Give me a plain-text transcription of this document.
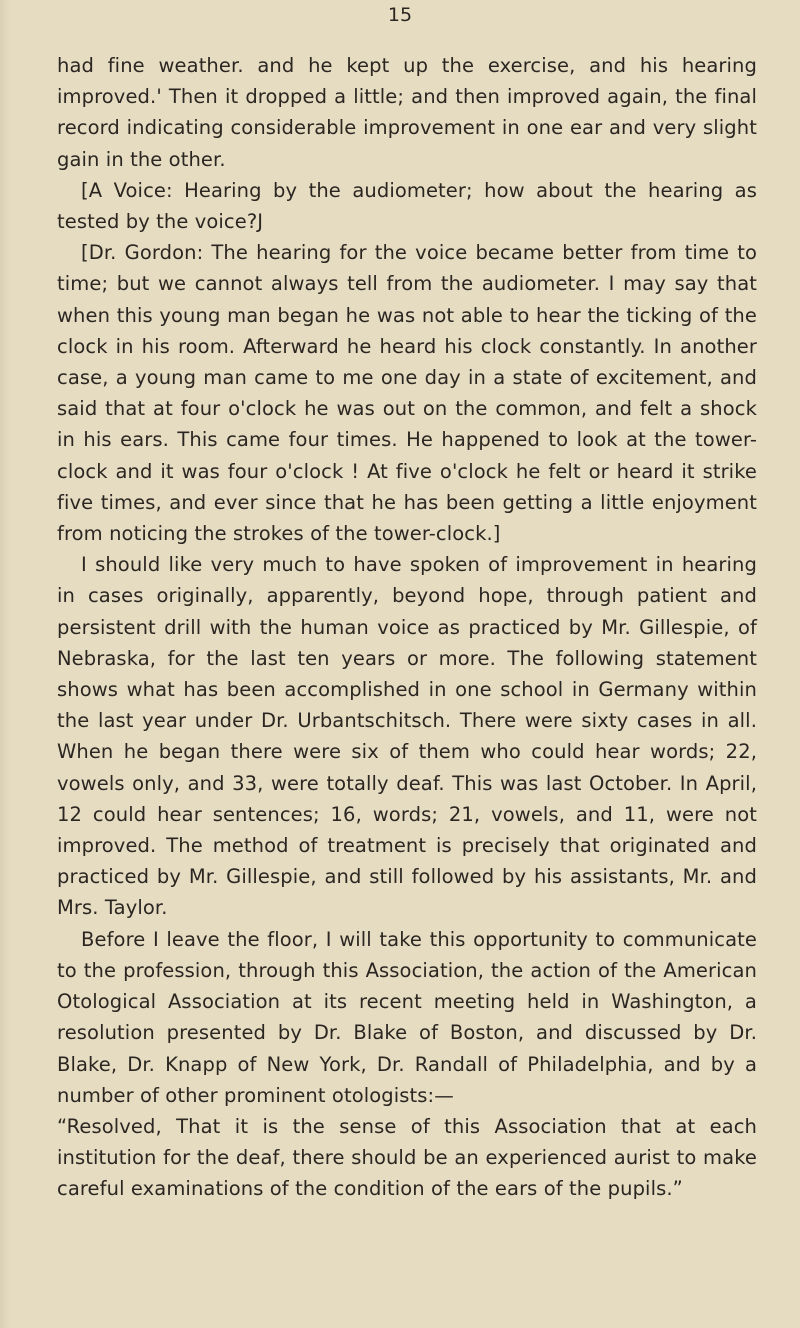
15

had fine weather. and he kept up the exercise, and his hearing improved.' Then it dropped a little; and then improved again, the final record indicating considerable improvement in one ear and very slight gain in the other.

[A Voice: Hearing by the audiometer; how about the hearing as tested by the voice?J

[Dr. Gordon: The hearing for the voice became better from time to time; but we cannot always tell from the audiometer. I may say that when this young man began he was not able to hear the ticking of the clock in his room. Afterward he heard his clock constantly. In another case, a young man came to me one day in a state of excitement, and said that at four o'clock he was out on the common, and felt a shock in his ears. This came four times. He happened to look at the tower-clock and it was four o'clock ! At five o'clock he felt or heard it strike five times, and ever since that he has been getting a little enjoyment from noticing the strokes of the tower-clock.]

I should like very much to have spoken of improvement in hearing in cases originally, apparently, beyond hope, through patient and persistent drill with the human voice as practiced by Mr. Gillespie, of Nebraska, for the last ten years or more. The following statement shows what has been accomplished in one school in Germany within the last year under Dr. Urbantschitsch. There were sixty cases in all. When he began there were six of them who could hear words; 22, vowels only, and 33, were totally deaf. This was last October. In April, 12 could hear sentences; 16, words; 21, vowels, and 11, were not improved. The method of treatment is precisely that originated and practiced by Mr. Gillespie, and still followed by his assistants, Mr. and Mrs. Taylor.

Before I leave the floor, I will take this opportunity to communicate to the profession, through this Association, the action of the American Otological Association at its recent meeting held in Washington, a resolution presented by Dr. Blake of Boston, and discussed by Dr. Blake, Dr. Knapp of New York, Dr. Randall of Philadelphia, and by a number of other prominent otologists:—

“Resolved, That it is the sense of this Association that at each institution for the deaf, there should be an experienced aurist to make careful examinations of the condition of the ears of the pupils.”
